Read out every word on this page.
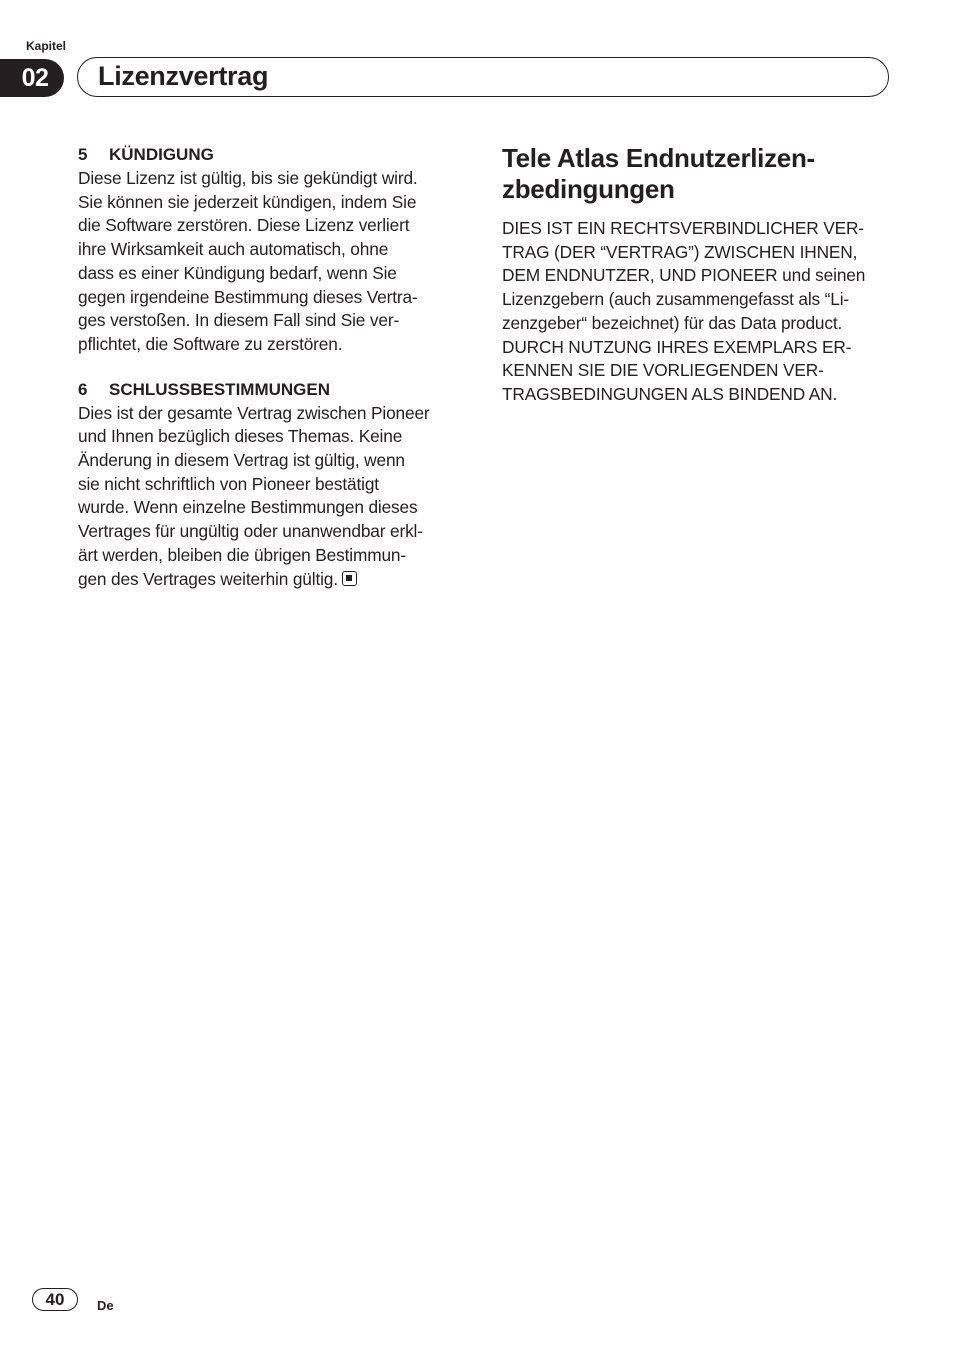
Kapitel
02	Lizenzvertrag

5	KÜNDIGUNG

Diese Lizenz ist gültig, bis sie gekündigt wird.
Sie können sie jederzeit kündigen, indem Sie
die Software zerstören. Diese Lizenz verliert
ihre Wirksamkeit auch automatisch, ohne
dass es einer Kündigung bedarf, wenn Sie
gegen irgendeine Bestimmung dieses Vertra-
ges verstoßen. In diesem Fall sind Sie ver-
pflichtet, die Software zu zerstören.

6	SCHLUSSBESTIMMUNGEN

Dies ist der gesamte Vertrag zwischen Pioneer
und Ihnen bezüglich dieses Themas. Keine
Änderung in diesem Vertrag ist gültig, wenn
sie nicht schriftlich von Pioneer bestätigt
wurde. Wenn einzelne Bestimmungen dieses
Vertrages für ungültig oder unanwendbar erkl-
ärt werden, bleiben die übrigen Bestimmun-
gen des Vertrages weiterhin gültig.

Tele Atlas Endnutzerlizen-
zbedingungen

DIES IST EIN RECHTSVERBINDLICHER VER-
TRAG (DER “VERTRAG”) ZWISCHEN IHNEN,
DEM ENDNUTZER, UND PIONEER und seinen
Lizenzgebern (auch zusammengefasst als “Li-
zenzgeber“ bezeichnet) für das Data product.
DURCH NUTZUNG IHRES EXEMPLARS ER-
KENNEN SIE DIE VORLIEGENDEN VER-
TRAGSBEDINGUNGEN ALS BINDEND AN.

40	De
